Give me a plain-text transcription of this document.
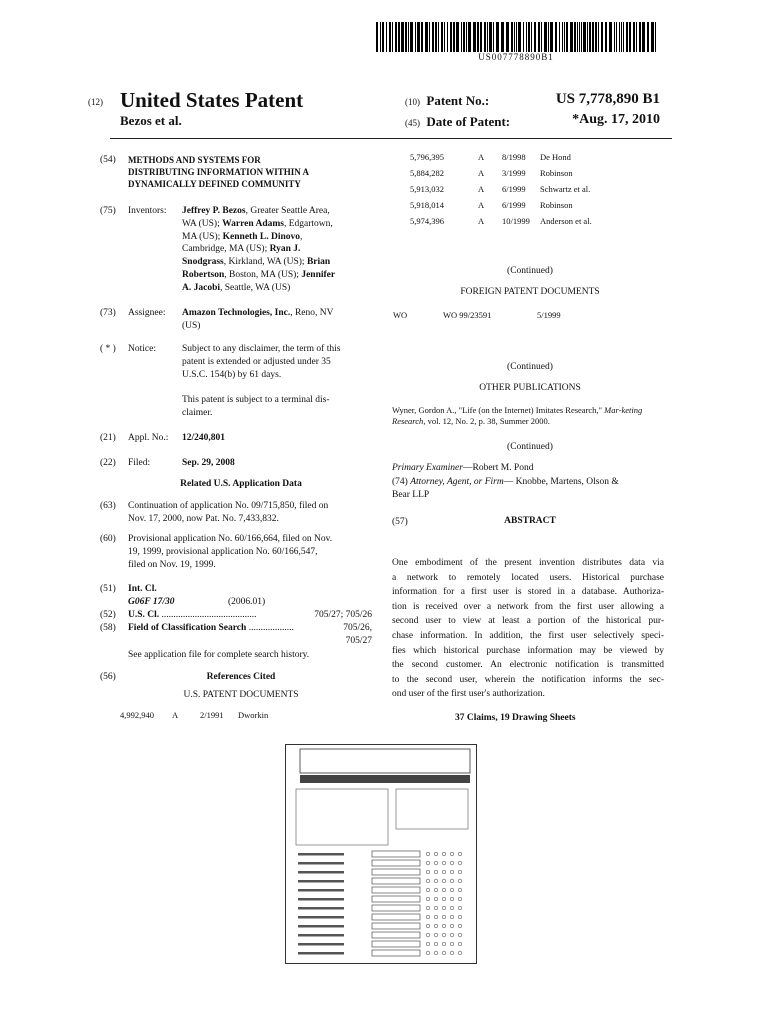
US007778890B1
(12) United States Patent
Bezos et al.
(10) Patent No.:	US 7,778,890 B1
(45) Date of Patent:	*Aug. 17, 2010
(54) METHODS AND SYSTEMS FOR
DISTRIBUTING INFORMATION WITHIN A
DYNAMICALLY DEFINED COMMUNITY
(75) Inventors: Jeffrey P. Bezos, Greater Seattle Area,
WA (US); Warren Adams, Edgartown,
MA (US); Kenneth L. Dinovo,
Cambridge, MA (US); Ryan J.
Snodgrass, Kirkland, WA (US); Brian
Robertson, Boston, MA (US); Jennifer
A. Jacobi, Seattle, WA (US)
(73) Assignee: Amazon Technologies, Inc., Reno, NV
(US)
( * ) Notice:	Subject to any disclaimer, the term of this
patent is extended or adjusted under 35
U.S.C. 154(b) by 61 days.
This patent is subject to a terminal dis-
claimer.
(21) Appl. No.: 12/240,801
(22) Filed:	Sep. 29, 2008
Related U.S. Application Data
(63) Continuation of application No. 09/715,850, filed on
Nov. 17, 2000, now Pat. No. 7,433,832.
(60) Provisional application No. 60/166,664, filed on Nov.
19, 1999, provisional application No. 60/166,547,
filed on Nov. 19, 1999.
(51) Int. Cl.
G06F 17/30	(2006.01)
(52) U.S. Cl. ........................................	705/27; 705/26
(58) Field of Classification Search ...................	705/26,
705/27
See application file for complete search history.
(56)	References Cited
U.S. PATENT DOCUMENTS
4,992,940	A	2/1991	Dworkin
5,796,395	A	8/1998	De Hond
5,884,282	A	3/1999	Robinson
5,913,032	A	6/1999	Schwartz et al.
5,918,014	A	6/1999	Robinson
5,974,396	A	10/1999	Anderson et al.
(Continued)
FOREIGN PATENT DOCUMENTS
WO	WO 99/23591	5/1999
(Continued)
OTHER PUBLICATIONS
Wyner, Gordon A., "Life (on the Internet) Imitates Research," Mar-keting Research, vol. 12, No. 2, p. 38, Summer 2000.
(Continued)
Primary Examiner—Robert M. Pond
(74) Attorney, Agent, or Firm— Knobbe, Martens, Olson &
Bear LLP
(57)	ABSTRACT
One embodiment of the present invention distributes data via
a network to remotely located users. Historical purchase
information for a first user is stored in a database. Authoriza-
tion is received over a network from the first user allowing a
second user to view at least a portion of the historical pur-
chase information. In addition, the first user selectively speci-
fies which historical purchase information may be viewed by
the second customer. An electronic notification is transmitted
to the second user, wherein the notification informs the sec-
ond user of the first user's authorization.
37 Claims, 19 Drawing Sheets
